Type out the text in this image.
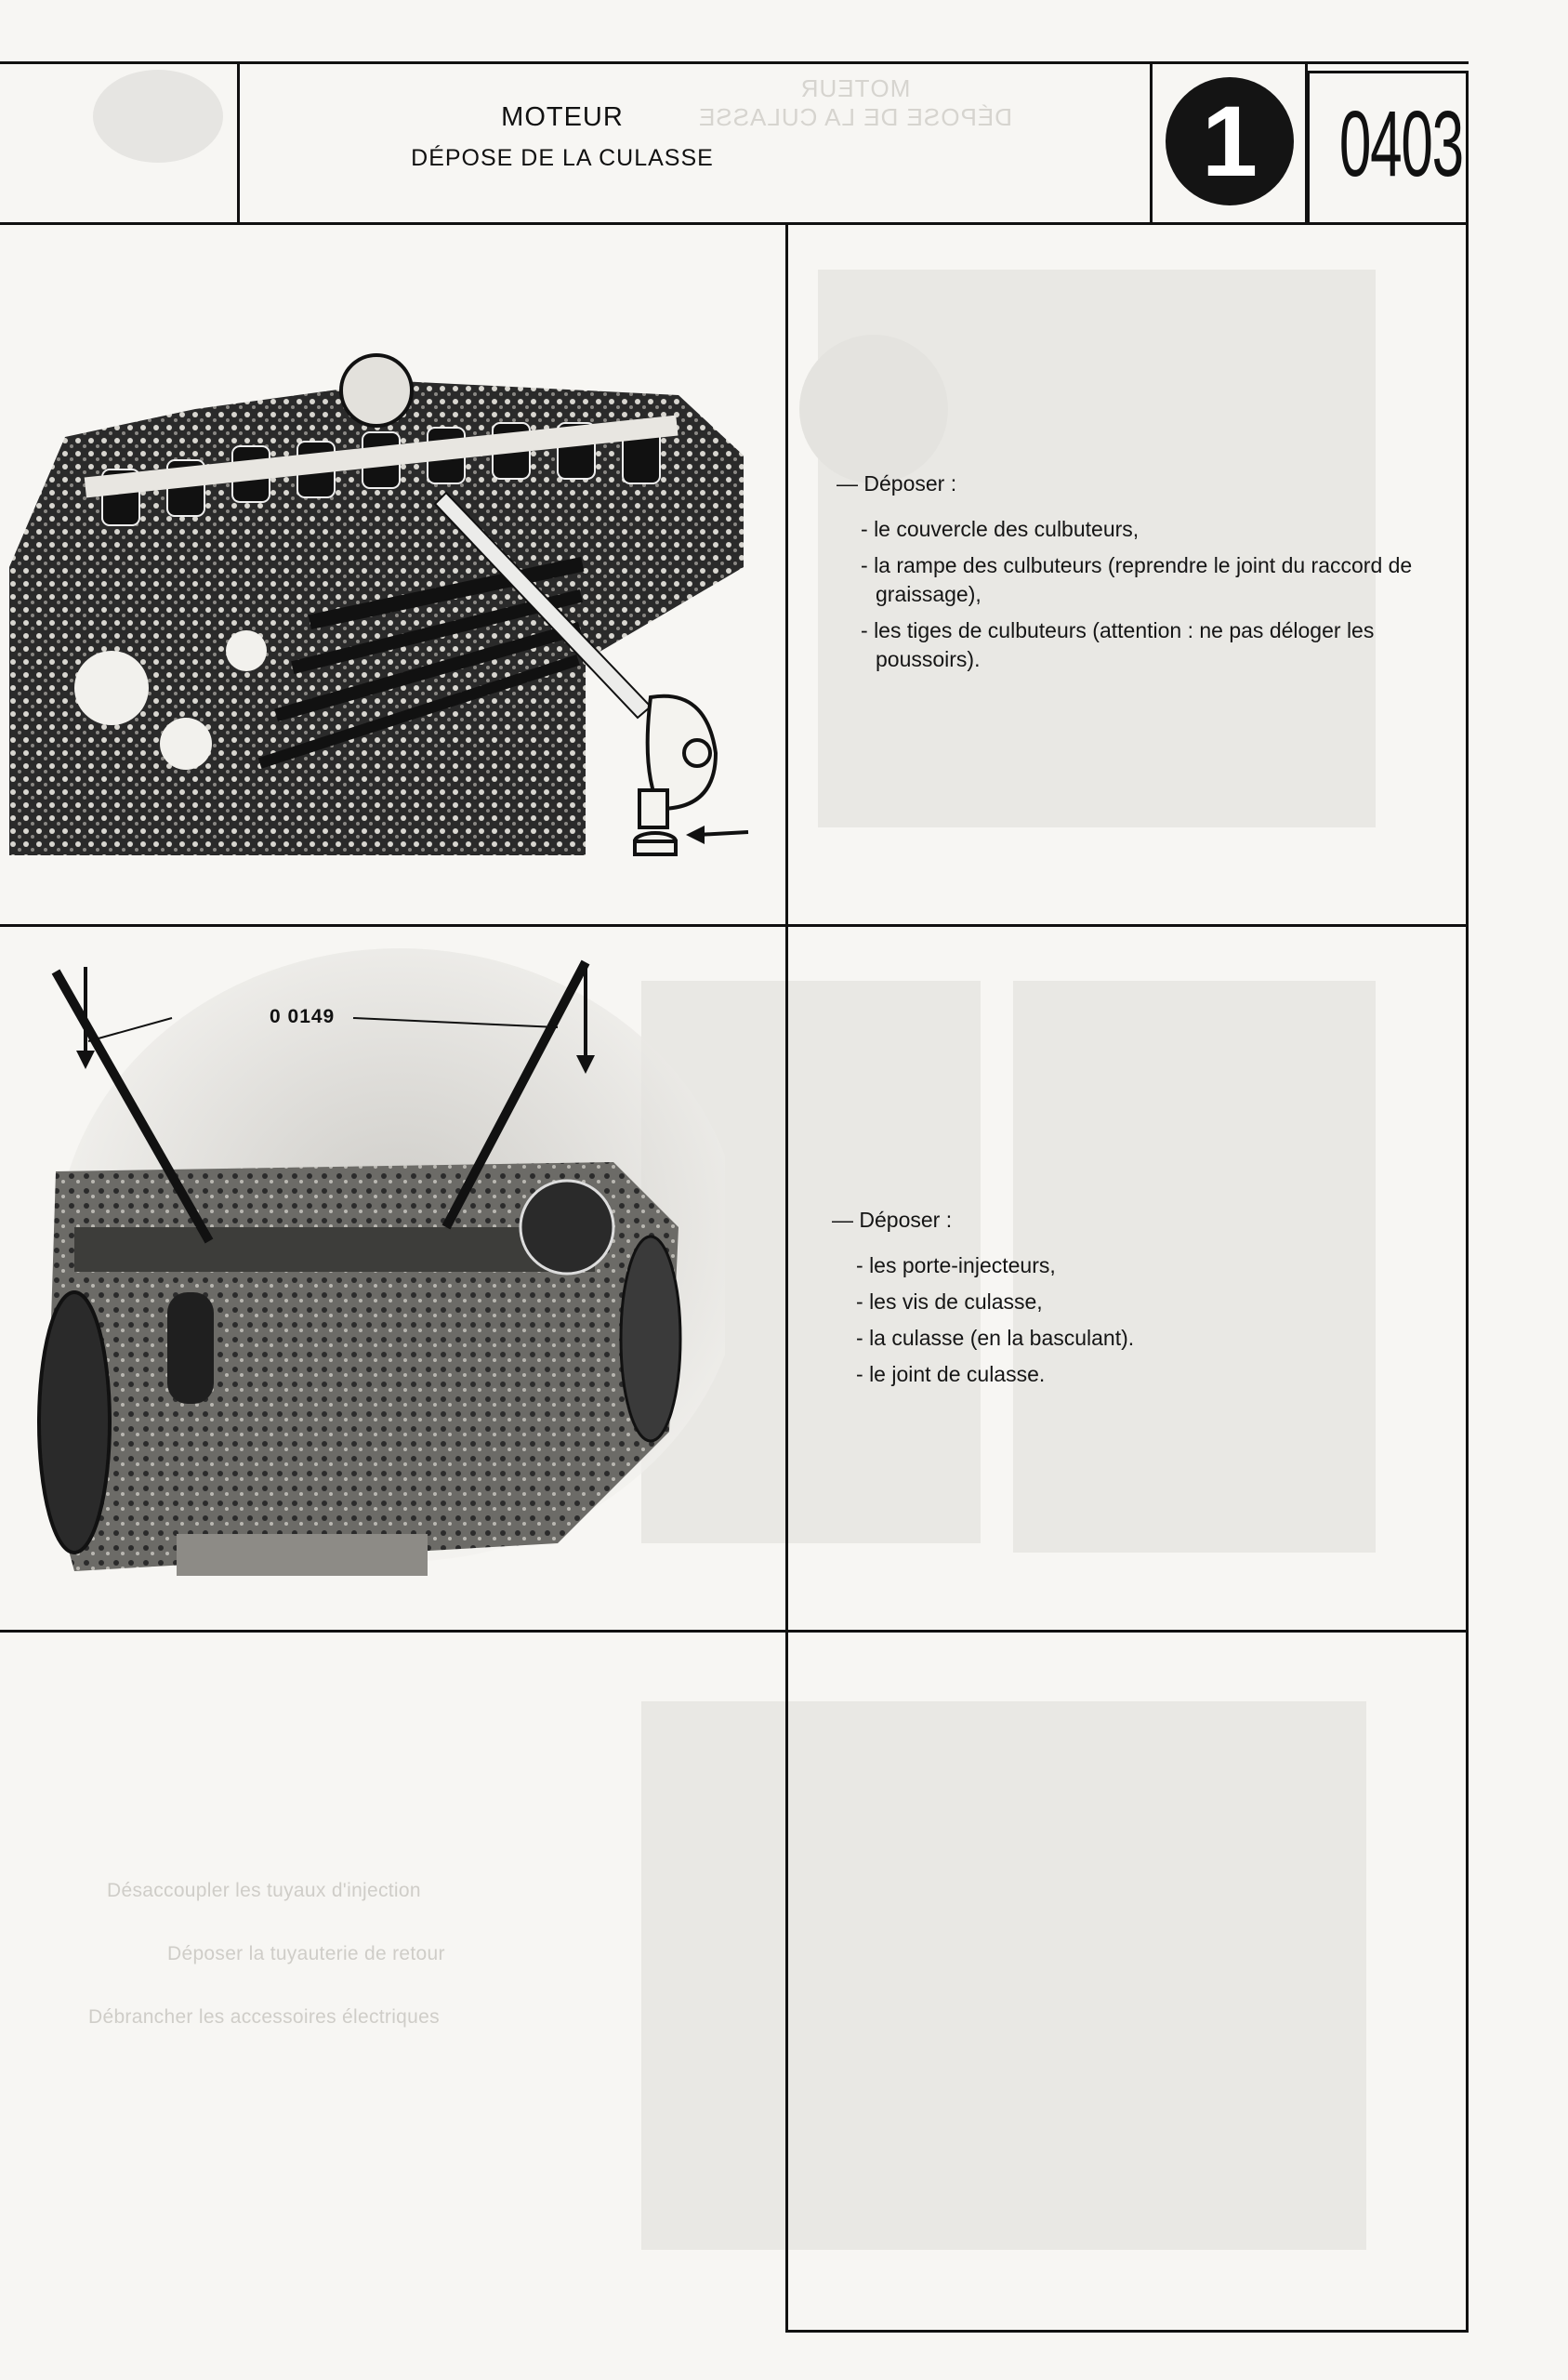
MOTEUR
DÉPOSE DE LA CULASSE
Désaccoupler les tuyaux d'injection
Déposer la tuyauterie de retour
Débrancher les accessoires électriques
MOTEUR
DÉPOSE DE LA CULASSE	1 0403
— Déposer :
- le couvercle des culbuteurs,
- la rampe des culbuteurs (reprendre le joint du raccord de graissage),
- les tiges de culbuteurs (attention : ne pas déloger les poussoirs).
0 0149
— Déposer :
- les porte-injecteurs,
- les vis de culasse,
- la culasse (en la basculant).
- le joint de culasse.
